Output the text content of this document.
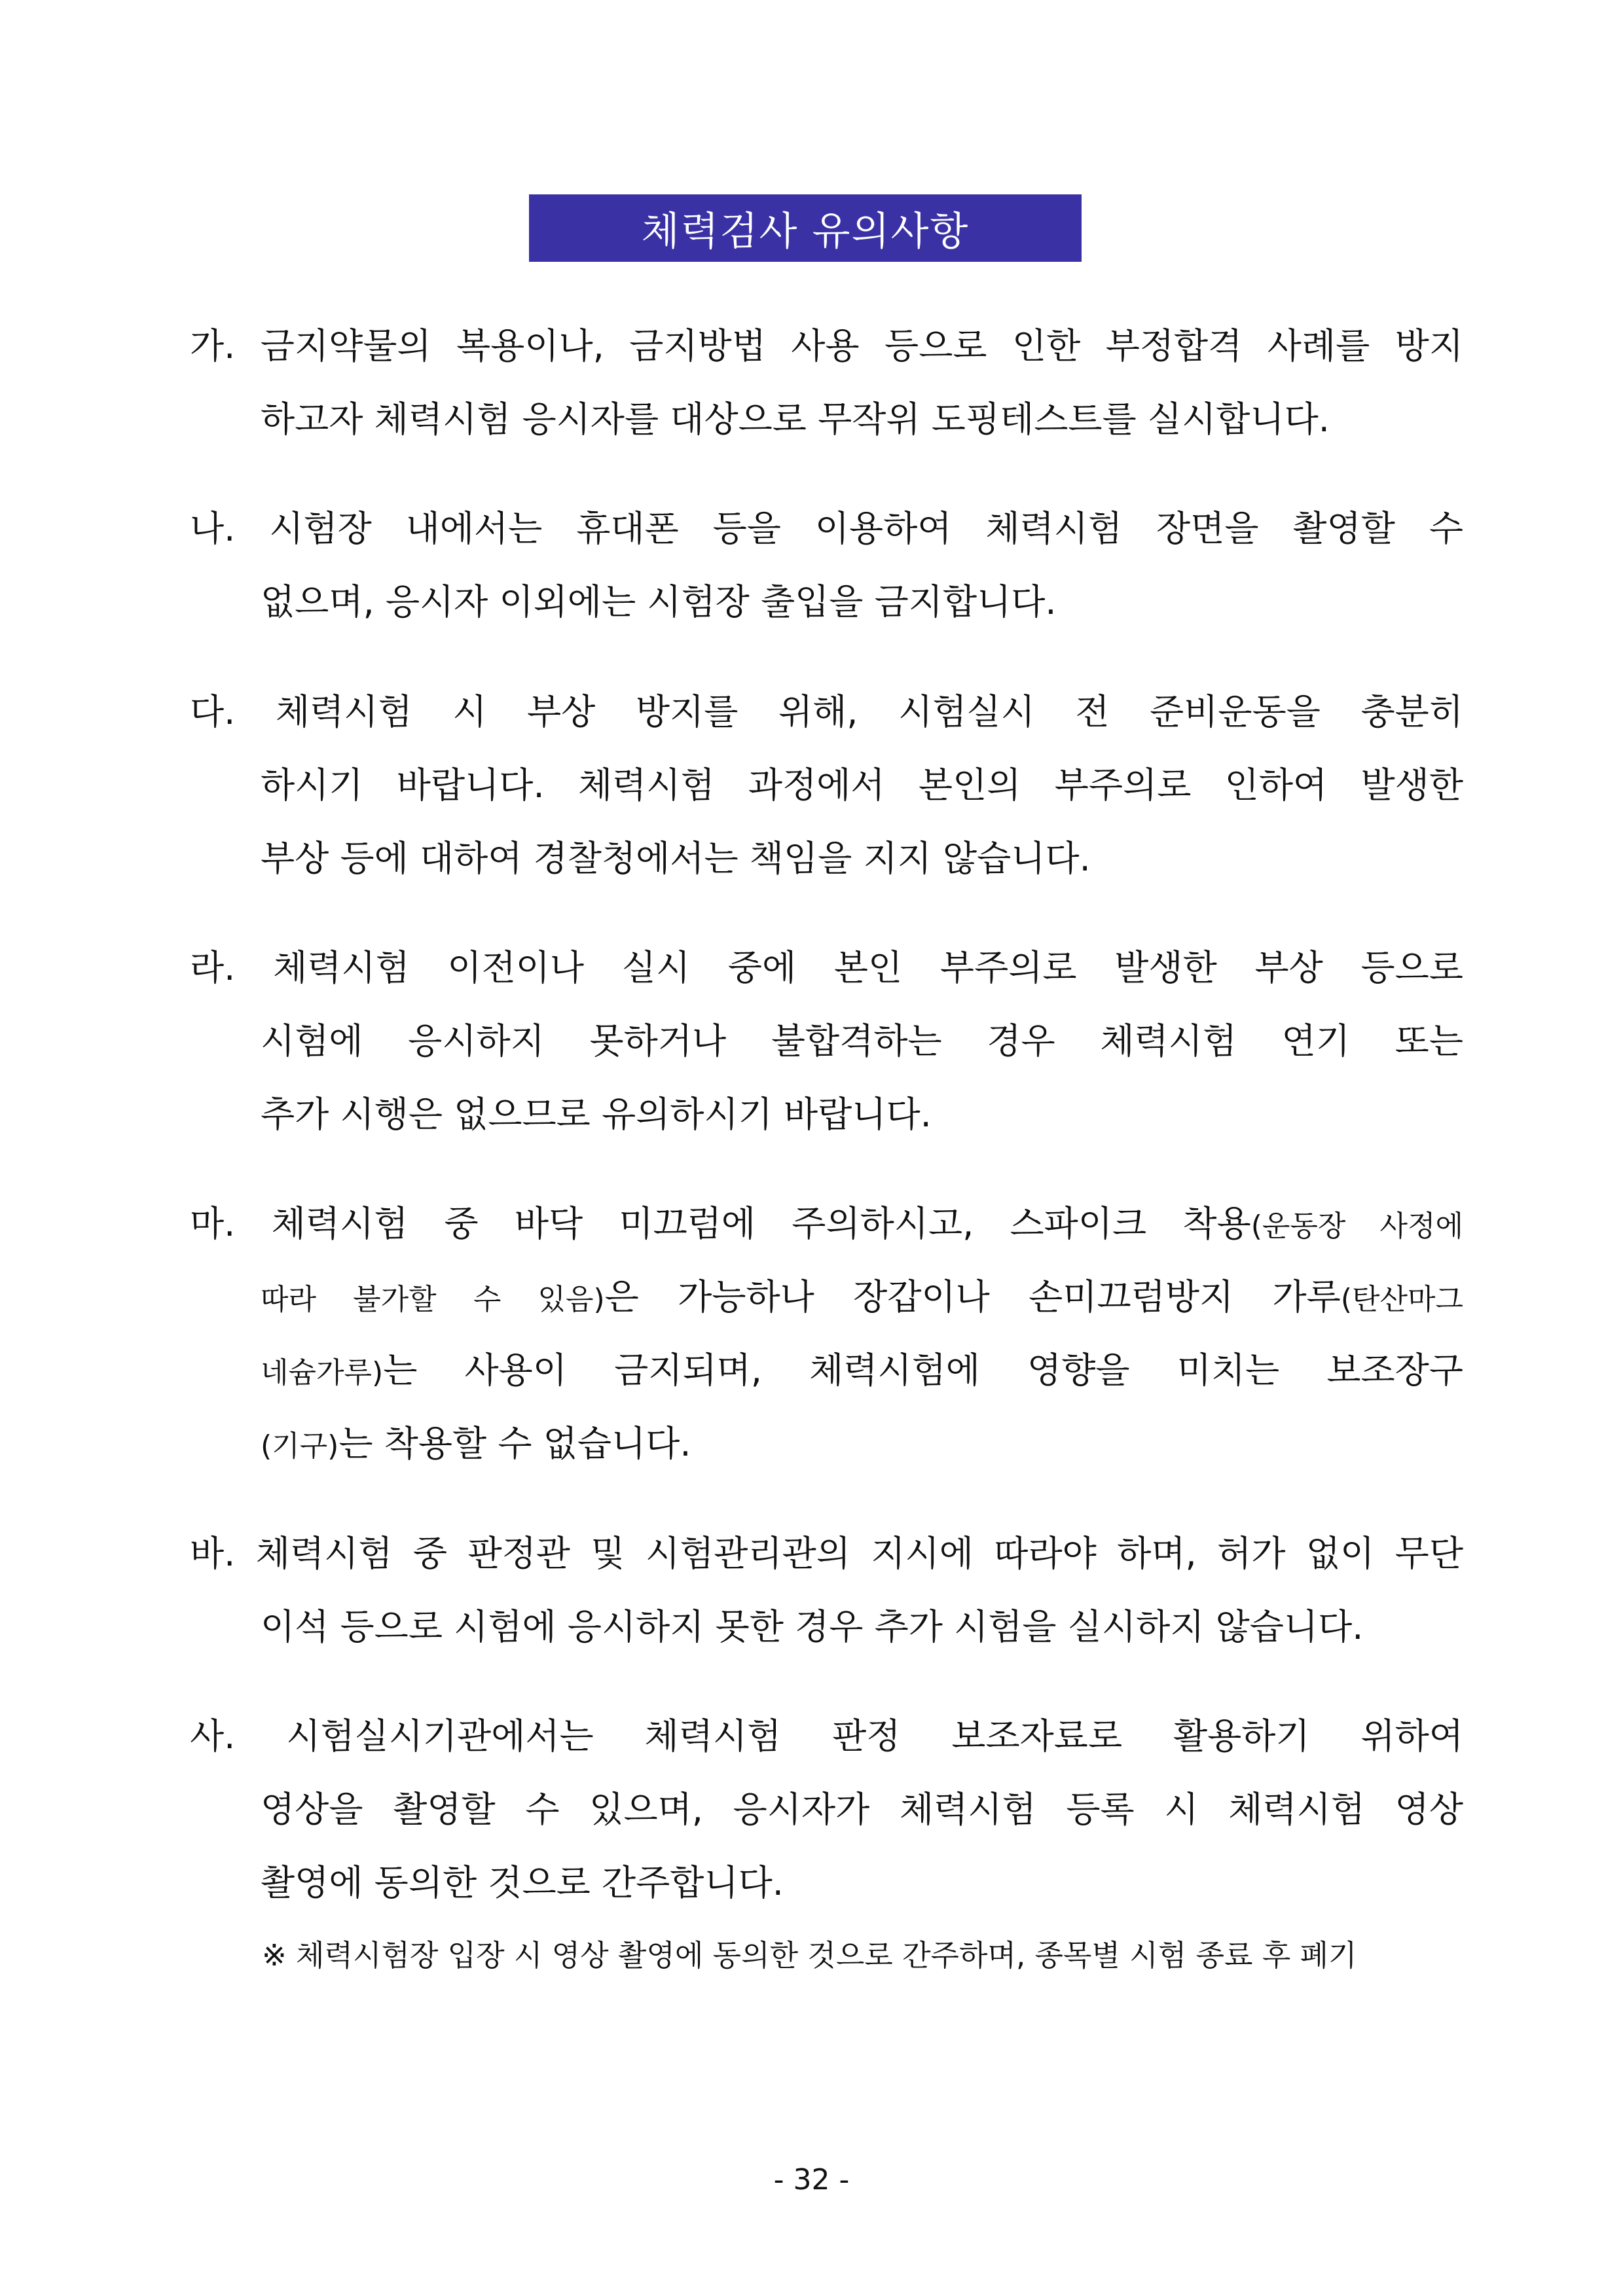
체력검사 유의사항
가. 금지약물의 복용이나, 금지방법 사용 등으로 인한 부정합격 사례를 방지
하고자 체력시험 응시자를 대상으로 무작위 도핑테스트를 실시합니다.
나. 시험장 내에서는 휴대폰 등을 이용하여 체력시험 장면을 촬영할 수
없으며, 응시자 이외에는 시험장 출입을 금지합니다.
다. 체력시험 시 부상 방지를 위해, 시험실시 전 준비운동을 충분히
하시기 바랍니다. 체력시험 과정에서 본인의 부주의로 인하여 발생한
부상 등에 대하여 경찰청에서는 책임을 지지 않습니다.
라. 체력시험 이전이나 실시 중에 본인 부주의로 발생한 부상 등으로
시험에 응시하지 못하거나 불합격하는 경우 체력시험 연기 또는
추가 시행은 없으므로 유의하시기 바랍니다.
마. 체력시험 중 바닥 미끄럼에 주의하시고, 스파이크 착용(운동장 사정에
따라 불가할 수 있음)은 가능하나 장갑이나 손미끄럼방지 가루(탄산마그
네슘가루)는 사용이 금지되며, 체력시험에 영향을 미치는 보조장구
(기구)는 착용할 수 없습니다.
바. 체력시험 중 판정관 및 시험관리관의 지시에 따라야 하며, 허가 없이 무단
이석 등으로 시험에 응시하지 못한 경우 추가 시험을 실시하지 않습니다.
사. 시험실시기관에서는 체력시험 판정 보조자료로 활용하기 위하여
영상을 촬영할 수 있으며, 응시자가 체력시험 등록 시 체력시험 영상
촬영에 동의한 것으로 간주합니다.
※ 체력시험장 입장 시 영상 촬영에 동의한 것으로 간주하며, 종목별 시험 종료 후 폐기
- 32 -
